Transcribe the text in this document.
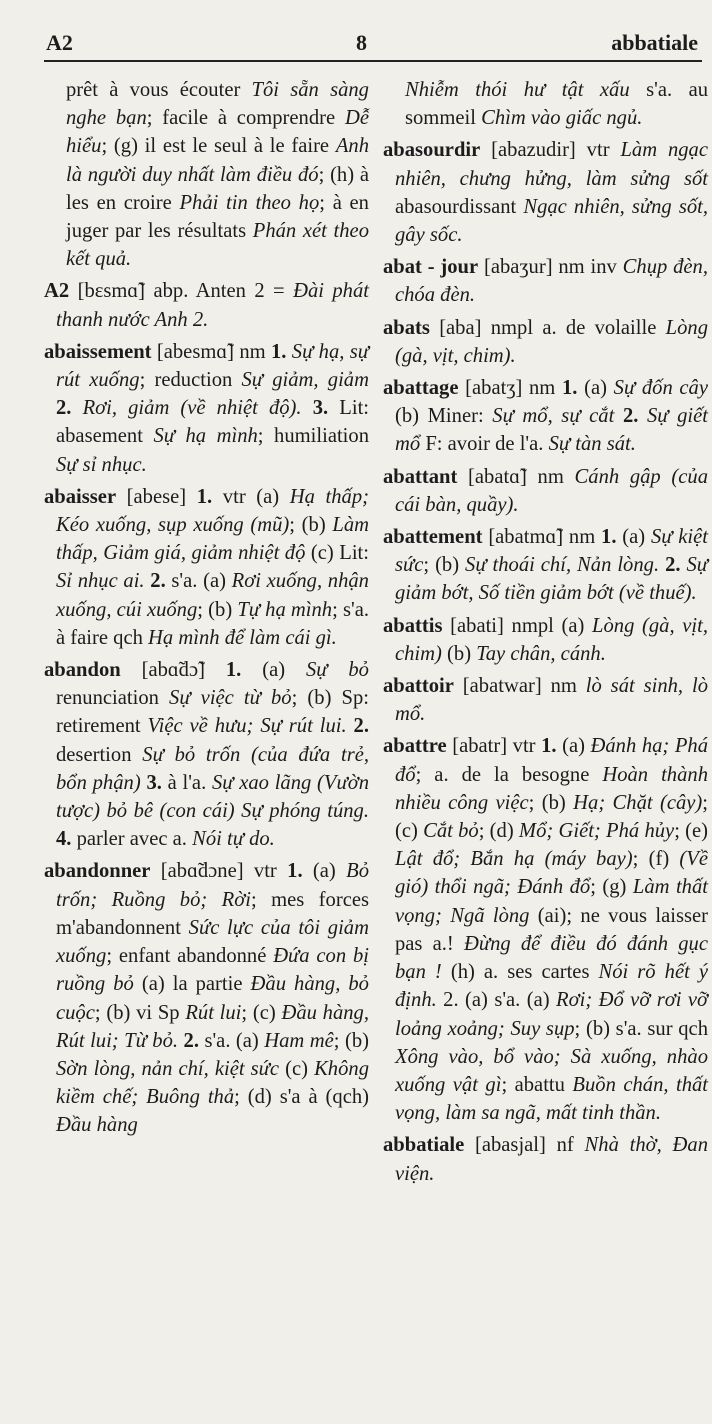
A2	8	abbatiale

prêt à vous écouter Tôi sẵn sàng nghe bạn; facile à comprendre Dễ hiểu; (g) il est le seul à le faire Anh là người duy nhất làm điều đó; (h) à les en croire Phải tin theo họ; à en juger par les résultats Phán xét theo kết quả.

A2 [bɛsmɑ̃] abp. Anten 2 = Đài phát thanh nước Anh 2.

abaissement [abesmɑ̃] nm 1. Sự hạ, sự rút xuống; reduction Sự giảm, giảm 2. Rơi, giảm (về nhiệt độ). 3. Lit: abasement Sự hạ mình; humiliation Sự sỉ nhục.

abaisser [abese] 1. vtr (a) Hạ thấp; Kéo xuống, sụp xuống (mũ); (b) Làm thấp, Giảm giá, giảm nhiệt độ (c) Lit: Sỉ nhục ai. 2. s'a. (a) Rơi xuống, nhận xuống, cúi xuống; (b) Tự hạ mình; s'a. à faire qch Hạ mình để làm cái gì.

abandon [abɑ̃dɔ̃] 1. (a) Sự bỏ renunciation Sự việc từ bỏ; (b) Sp: retirement Việc về hưu; Sự rút lui. 2. desertion Sự bỏ trốn (của đứa trẻ, bổn phận) 3. à l'a. Sự xao lãng (Vườn tược) bỏ bê (con cái) Sự phóng túng. 4. parler avec a. Nói tự do.

abandonner [abɑ̃dɔne] vtr 1. (a) Bỏ trốn; Ruồng bỏ; Rời; mes forces m'abandonnent Sức lực của tôi giảm xuống; enfant abandonné Đứa con bị ruồng bỏ (a) la partie Đầu hàng, bỏ cuộc; (b) vi Sp Rút lui; (c) Đầu hàng, Rút lui; Từ bỏ. 2. s'a. (a) Ham mê; (b) Sờn lòng, nản chí, kiệt sức (c) Không kiềm chế; Buông thả; (d) s'a à (qch) Đầu hàng

Nhiễm thói hư tật xấu s'a. au sommeil Chìm vào giấc ngủ.

abasourdir [abazudir] vtr Làm ngạc nhiên, chưng hửng, làm sửng sốt abasourdissant Ngạc nhiên, sửng sốt, gây sốc.

abat - jour [abaʒur] nm inv Chụp đèn, chóa đèn.

abats [aba] nmpl a. de volaille Lòng (gà, vịt, chim).

abattage [abatʒ] nm 1. (a) Sự đốn cây (b) Miner: Sự mổ, sự cắt 2. Sự giết mổ F: avoir de l'a. Sự tàn sát.

abattant [abatɑ̃] nm Cánh gập (của cái bàn, quầy).

abattement [abatmɑ̃] nm 1. (a) Sự kiệt sức; (b) Sự thoái chí, Nản lòng. 2. Sự giảm bớt, Số tiền giảm bớt (về thuế).

abattis [abati] nmpl (a) Lòng (gà, vịt, chim) (b) Tay chân, cánh.

abattoir [abatwar] nm lò sát sinh, lò mổ.

abattre [abatr] vtr 1. (a) Đánh hạ; Phá đổ; a. de la besogne Hoàn thành nhiều công việc; (b) Hạ; Chặt (cây); (c) Cắt bỏ; (d) Mổ; Giết; Phá hủy; (e) Lật đổ; Bắn hạ (máy bay); (f) (Về gió) thổi ngã; Đánh đổ; (g) Làm thất vọng; Ngã lòng (ai); ne vous laisser pas a.! Đừng để điều đó đánh gục bạn ! (h) a. ses cartes Nói rõ hết ý định. 2. (a) s'a. (a) Rơi; Đổ vỡ rơi vỡ loảng xoảng; Suy sụp; (b) s'a. sur qch Xông vào, bổ vào; Sà xuống, nhào xuống vật gì; abattu Buồn chán, thất vọng, làm sa ngã, mất tinh thần.

abbatiale [abasjal] nf Nhà thờ, Đan viện.
